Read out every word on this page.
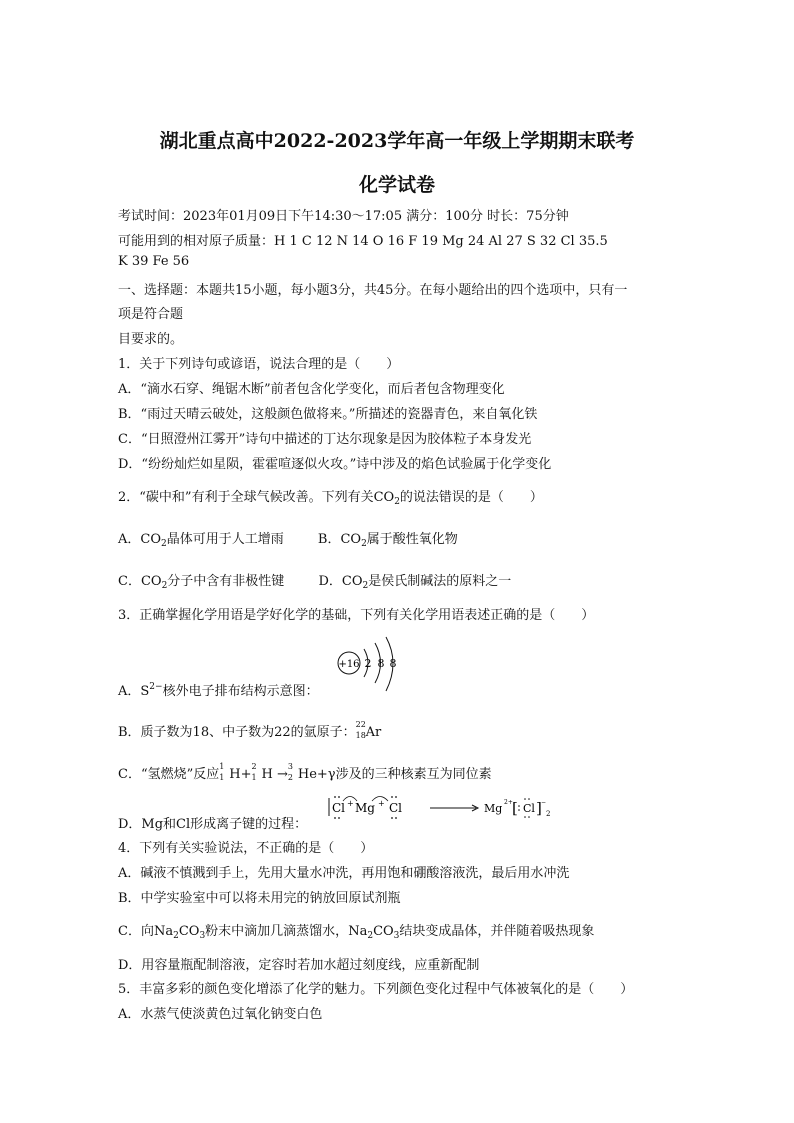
湖北重点高中2022-2023学年高一年级上学期期末联考
化学试卷
考试时间：2023年01月09日下午14:30～17:05 满分：100分 时长：75分钟
可能用到的相对原子质量：H 1 C 12 N 14 O 16 F 19 Mg 24 Al 27 S 32 Cl 35.5
K 39 Fe 56
一、选择题：本题共15小题，每小题3分，共45分。在每小题给出的四个选项中，只有一
项是符合题
目要求的。
1．关于下列诗句或谚语，说法合理的是（　　）
A．“滴水石穿、绳锯木断”前者包含化学变化，而后者包含物理变化
B．“雨过天晴云破处，这般颜色做将来。”所描述的瓷器青色，来自氧化铁
C．“日照澄州江雾开”诗句中描述的丁达尔现象是因为胶体粒子本身发光
D．“纷纷灿烂如星陨，霍霍喧逐似火攻。”诗中涉及的焰色试验属于化学变化
2．“碳中和”有利于全球气候改善。下列有关$CO_2$的说法错误的是（　　）
A．$CO_2$晶体可用于人工增雨	B．$CO_2$属于酸性氧化物
C．$CO_2$分子中含有非极性键	D．$CO_2$是侯氏制碱法的原料之一
3．正确掌握化学用语是学好化学的基础，下列有关化学用语表述正确的是（　　）
A．$S^{2-}$核外电子排布结构示意图：
+16 2 8 8
B．质子数为18、中子数为22的氩原子：
22
18 Ar
C．“氢燃烧”反应
1
1 H+
2
1 H →
3
2 He+γ涉及的三种核素互为同位素
D．Mg和Cl形成离子键的过程：
Cl + Mg + Cl	Mg 2+ [ Cl ] −
2
4．下列有关实验说法，不正确的是（　　）
A．碱液不慎溅到手上，先用大量水冲洗，再用饱和硼酸溶液洗，最后用水冲洗
B．中学实验室中可以将未用完的钠放回原试剂瓶
C．向$Na_2CO_3$粉末中滴加几滴蒸馏水，$Na_2CO_3$结块变成晶体，并伴随着吸热现象
D．用容量瓶配制溶液，定容时若加水超过刻度线，应重新配制
5．丰富多彩的颜色变化增添了化学的魅力。下列颜色变化过程中气体被氧化的是（　　）
A．水蒸气使淡黄色过氧化钠变白色
